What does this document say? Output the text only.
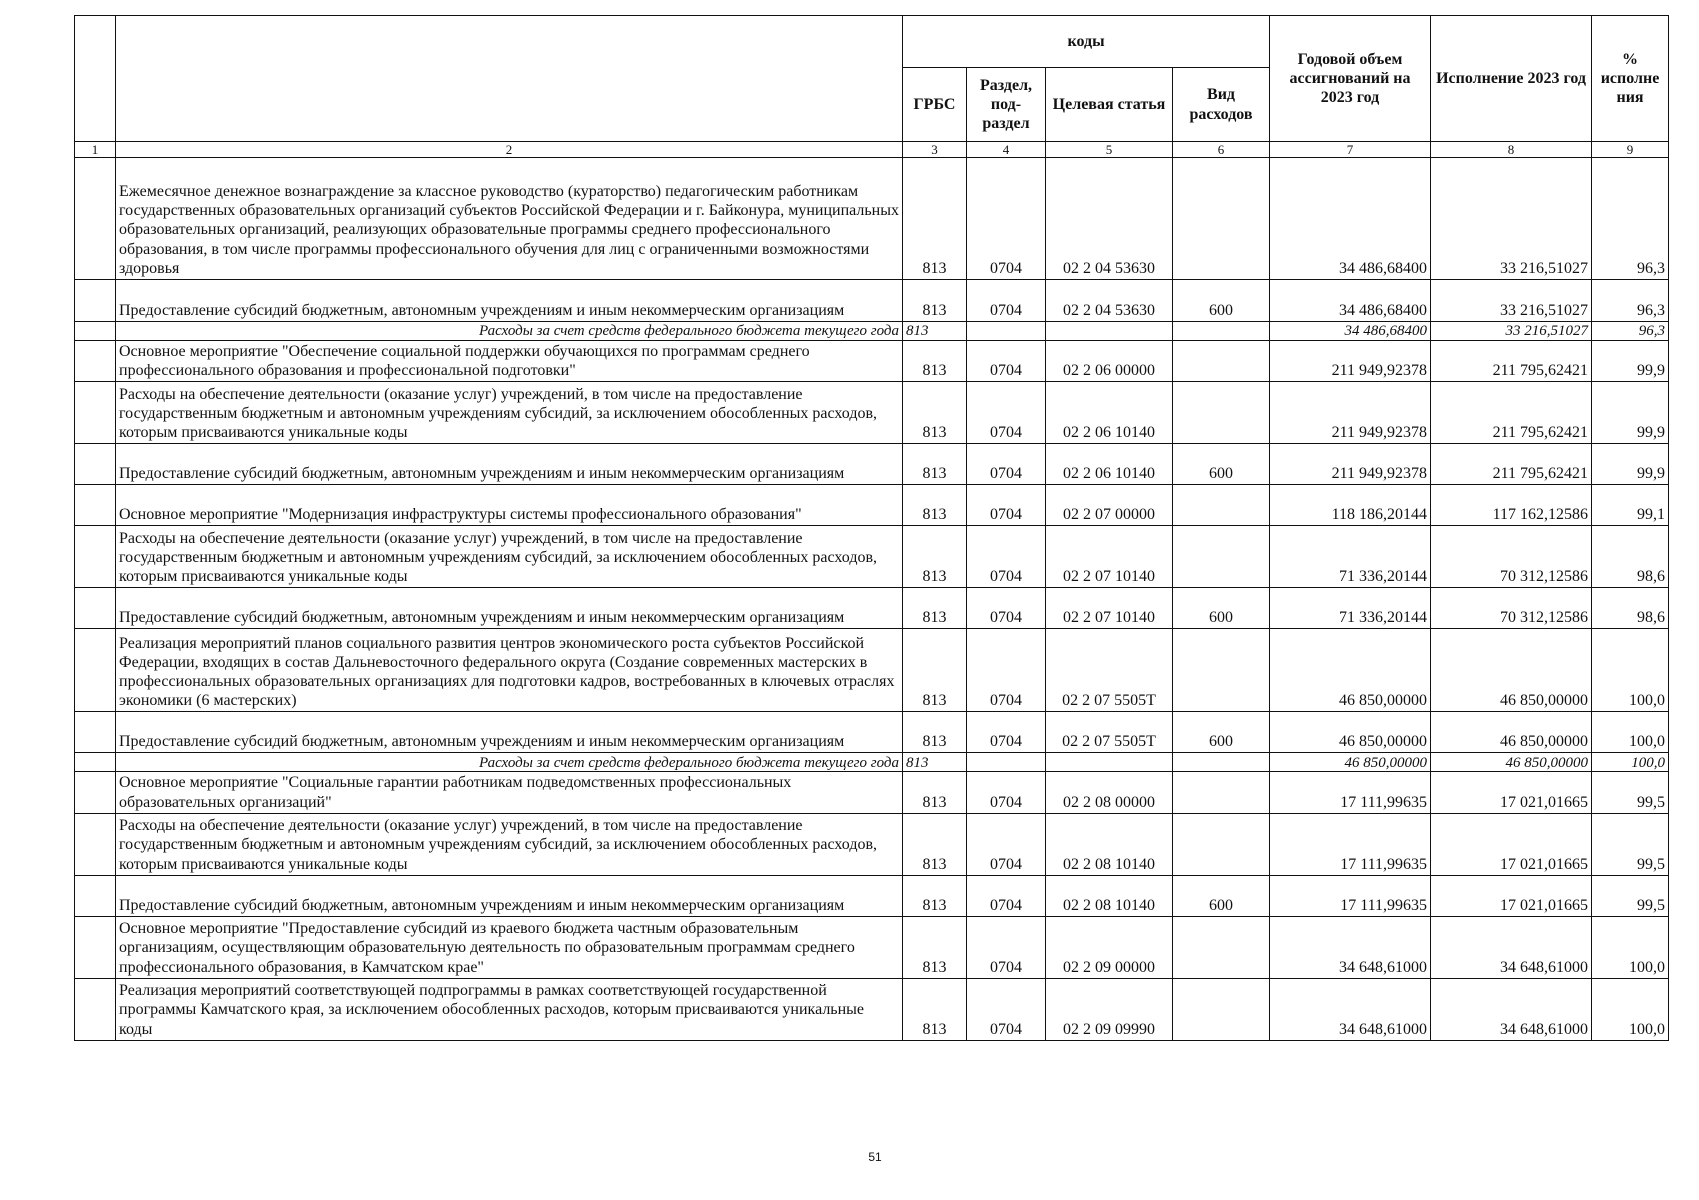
		коды				Годовой объем ассигнований на 2023 год	Исполнение 2023 год	% исполне ния
		ГРБС	Раздел, под-раздел	Целевая статья	Вид расходов			
1	2	3	4	5	6	7	8	9
	Ежемесячное денежное вознаграждение за классное руководство (кураторство) педагогическим работникам государственных образовательных организаций субъектов Российской Федерации и г. Байконура, муниципальных образовательных организаций, реализующих образовательные программы среднего профессионального образования, в том числе программы профессионального обучения для лиц с ограниченными возможностями здоровья	813	0704	02 2 04 53630		34 486,68400	33 216,51027	96,3
	Предоставление субсидий бюджетным, автономным учреждениям и иным некоммерческим организациям	813	0704	02 2 04 53630	600	34 486,68400	33 216,51027	96,3
	Расходы за счет средств федерального бюджета текущего года	813				34 486,68400	33 216,51027	96,3
	Основное мероприятие "Обеспечение социальной поддержки обучающихся по программам среднего профессионального образования и профессиональной подготовки"	813	0704	02 2 06 00000		211 949,92378	211 795,62421	99,9
	Расходы на обеспечение деятельности (оказание услуг) учреждений, в том числе на предоставление государственным бюджетным и автономным учреждениям субсидий, за исключением обособленных расходов, которым присваиваются уникальные коды	813	0704	02 2 06 10140		211 949,92378	211 795,62421	99,9
	Предоставление субсидий бюджетным, автономным учреждениям и иным некоммерческим организациям	813	0704	02 2 06 10140	600	211 949,92378	211 795,62421	99,9
	Основное мероприятие "Модернизация инфраструктуры системы профессионального образования"	813	0704	02 2 07 00000		118 186,20144	117 162,12586	99,1
	Расходы на обеспечение деятельности (оказание услуг) учреждений, в том числе на предоставление государственным бюджетным и автономным учреждениям субсидий, за исключением обособленных расходов, которым присваиваются уникальные коды	813	0704	02 2 07 10140		71 336,20144	70 312,12586	98,6
	Предоставление субсидий бюджетным, автономным учреждениям и иным некоммерческим организациям	813	0704	02 2 07 10140	600	71 336,20144	70 312,12586	98,6
	Реализация мероприятий планов социального развития центров экономического роста субъектов Российской Федерации, входящих в состав Дальневосточного федерального округа (Создание современных мастерских в профессиональных образовательных организациях для подготовки кадров, востребованных в ключевых отраслях экономики (6 мастерских)	813	0704	02 2 07 5505Т		46 850,00000	46 850,00000	100,0
	Предоставление субсидий бюджетным, автономным учреждениям и иным некоммерческим организациям	813	0704	02 2 07 5505Т	600	46 850,00000	46 850,00000	100,0
	Расходы за счет средств федерального бюджета текущего года	813				46 850,00000	46 850,00000	100,0
	Основное мероприятие "Социальные гарантии работникам подведомственных профессиональных образовательных организаций"	813	0704	02 2 08 00000		17 111,99635	17 021,01665	99,5
	Расходы на обеспечение деятельности (оказание услуг) учреждений, в том числе на предоставление государственным бюджетным и автономным учреждениям субсидий, за исключением обособленных расходов, которым присваиваются уникальные коды	813	0704	02 2 08 10140		17 111,99635	17 021,01665	99,5
	Предоставление субсидий бюджетным, автономным учреждениям и иным некоммерческим организациям	813	0704	02 2 08 10140	600	17 111,99635	17 021,01665	99,5
	Основное мероприятие "Предоставление субсидий из краевого бюджета частным образовательным организациям, осуществляющим образовательную деятельность по образовательным программам среднего профессионального образования, в Камчатском крае"	813	0704	02 2 09 00000		34 648,61000	34 648,61000	100,0
	Реализация мероприятий соответствующей подпрограммы в рамках соответствующей государственной программы Камчатского края, за исключением обособленных расходов, которым присваиваются уникальные коды	813	0704	02 2 09 09990		34 648,61000	34 648,61000	100,0
51
